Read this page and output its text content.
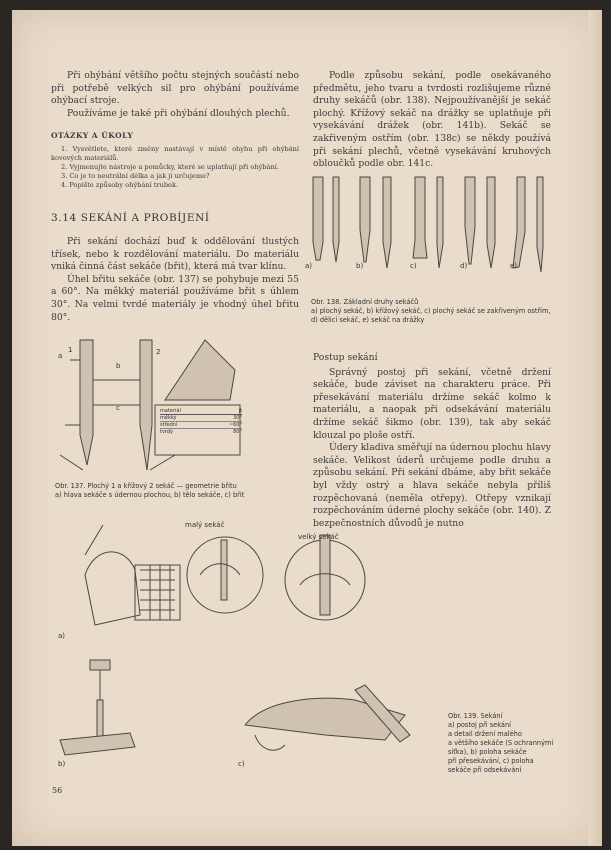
Při ohýbání většího počtu stejných součástí nebo při potřebě velkých sil pro ohýbání používáme ohýbací stroje.

Používáme je také při ohýbání dlouhých plechů.

OTÁZKY A ÚKOLY
1. Vysvětlete, které změny nastávají v místě ohybu při ohýbání kovových materiálů.
2. Vyjmenujte nástroje a pomůcky, které se uplatňují při ohýbání.
3. Co je to neutrální délka a jak ji určujeme?
4. Popište způsoby ohýbání trubek.
3.14 SEKÁNÍ A PROBÍJENÍ

Při sekání dochází buď k oddělování tlustých třísek, nebo k rozdělování materiálu. Do materiálu vniká činná část sekáče (břit), která má tvar klínu.

Úhel břitu sekáče (obr. 137) se pohybuje mezi 55 a 60°. Na měkký materiál používáme břit s úhlem 30°. Na velmi tvrdé materiály je vhodný úhel břitu 80°.

Podle způsobu sekání, podle osekávaného předmětu, jeho tvaru a tvrdosti rozlišujeme různé druhy sekáčů (obr. 138). Nejpoužívanější je sekáč plochý. Křížový sekáč na drážky se uplatňuje při vysekávání drážek (obr. 141b). Sekáč se zakřiveným ostřím (obr. 138c) se někdy používá při sekání plechů, včetně vysekávání kruhových obloučků podle obr. 141c.

a)	b)	c)	d)	e)
Obr. 138. Základní druhy sekáčů
a) plochý sekáč, b) křížový sekáč, c) plochý sekáč se zakřiveným ostřím, d) dělicí sekáč, e) sekáč na drážky
Postup sekání

Správný postoj při sekání, včetně držení sekáče, bude záviset na charakteru práce. Při přesekávání materiálu držíme sekáč kolmo k materiálu, a naopak při odsekávání materiálu držíme sekáč šikmo (obr. 139), tak aby sekáč klouzal po ploše ostří.

Údery kladiva směřují na údernou plochu hlavy sekáče. Velikost úderů určujeme podle druhu a způsobu sekání. Při sekání dbáme, aby břit sekáče byl vždy ostrý a hlava sekáče nebyla příliš rozpěchovaná (neměla otřepy). Otřepy vznikají rozpěchováním úderné plochy sekáče (obr. 140). Z bezpečnostních důvodů je nutno

a
b
c
1	2
materiál	β
měkký	30°
střední	~60°
tvrdý	80°
Obr. 137. Plochý 1 a křížový 2 sekáč — geometrie břitu
a) hlava sekáče s údernou plochou, b) tělo sekáče, c) břit
malý sekáč
velký sekáč
a)
b)	c)
Obr. 139. Sekání
a) postoj při sekání
a detail držení malého
a většího sekáče (S ochrannými
síťka), b) poloha sekáče
při přesekávání, c) poloha
sekáče při odsekávání
56
